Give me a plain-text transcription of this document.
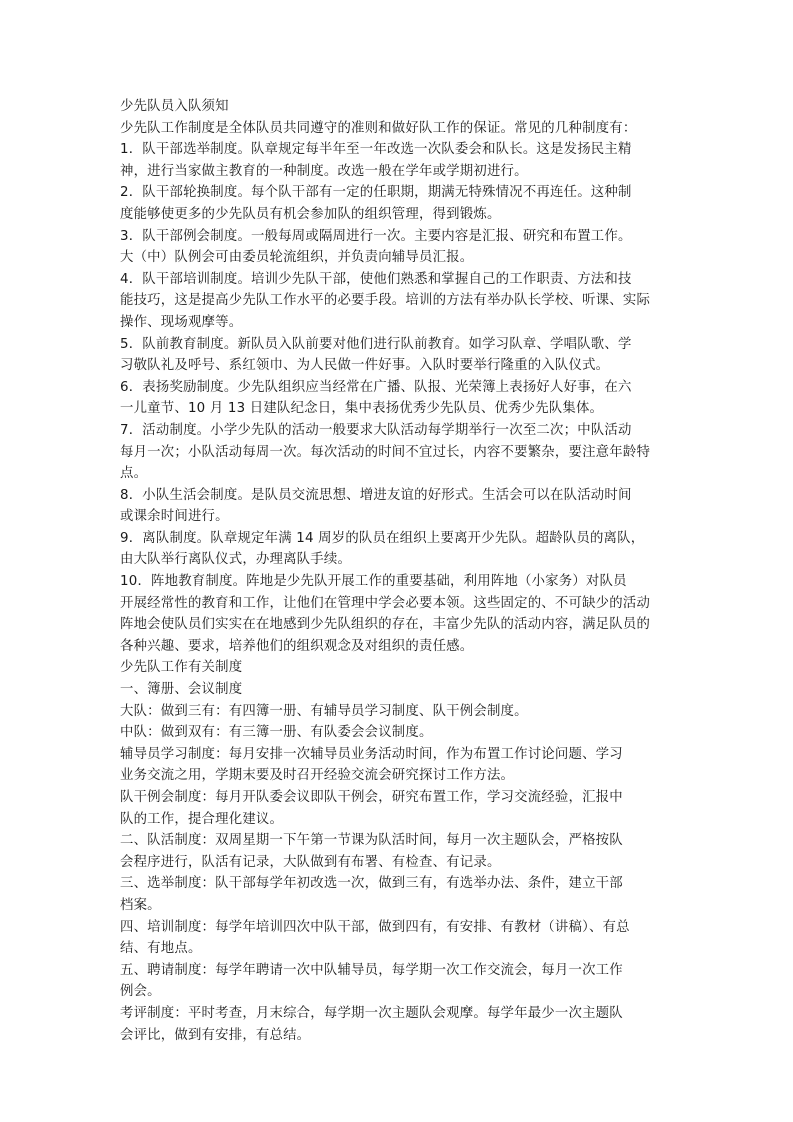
少先队员入队须知
少先队工作制度是全体队员共同遵守的准则和做好队工作的保证。常见的几种制度有：
1．队干部选举制度。队章规定每半年至一年改选一次队委会和队长。这是发扬民主精
神，进行当家做主教育的一种制度。改选一般在学年或学期初进行。
2．队干部轮换制度。每个队干部有一定的任职期，期满无特殊情况不再连任。这种制
度能够使更多的少先队员有机会参加队的组织管理，得到锻炼。
3．队干部例会制度。一般每周或隔周进行一次。主要内容是汇报、研究和布置工作。
大（中）队例会可由委员轮流组织，并负责向辅导员汇报。
4．队干部培训制度。培训少先队干部，使他们熟悉和掌握自己的工作职责、方法和技
能技巧，这是提高少先队工作水平的必要手段。培训的方法有举办队长学校、听课、实际
操作、现场观摩等。
5．队前教育制度。新队员入队前要对他们进行队前教育。如学习队章、学唱队歌、学
习敬队礼及呼号、系红领巾、为人民做一件好事。入队时要举行隆重的入队仪式。
6．表扬奖励制度。少先队组织应当经常在广播、队报、光荣簿上表扬好人好事，在六
一儿童节、10 月 13 日建队纪念日，集中表扬优秀少先队员、优秀少先队集体。
7．活动制度。小学少先队的活动一般要求大队活动每学期举行一次至二次；中队活动
每月一次；小队活动每周一次。每次活动的时间不宜过长，内容不要繁杂，要注意年龄特
点。
8．小队生活会制度。是队员交流思想、增进友谊的好形式。生活会可以在队活动时间
或课余时间进行。
9．离队制度。队章规定年满 14 周岁的队员在组织上要离开少先队。超龄队员的离队，
由大队举行离队仪式，办理离队手续。
10．阵地教育制度。阵地是少先队开展工作的重要基础，利用阵地（小家务）对队员
开展经常性的教育和工作，让他们在管理中学会必要本领。这些固定的、不可缺少的活动
阵地会使队员们实实在在地感到少先队组织的存在，丰富少先队的活动内容，满足队员的
各种兴趣、要求，培养他们的组织观念及对组织的责任感。
少先队工作有关制度
一、簿册、会议制度
大队：做到三有：有四簿一册、有辅导员学习制度、队干例会制度。
中队：做到双有：有三簿一册、有队委会会议制度。
辅导员学习制度：每月安排一次辅导员业务活动时间，作为布置工作讨论问题、学习
业务交流之用，学期末要及时召开经验交流会研究探讨工作方法。
队干例会制度：每月开队委会议即队干例会，研究布置工作，学习交流经验，汇报中
队的工作，提合理化建议。
二、队活制度：双周星期一下午第一节课为队活时间，每月一次主题队会，严格按队
会程序进行，队活有记录，大队做到有布署、有检查、有记录。
三、选举制度：队干部每学年初改选一次，做到三有，有选举办法、条件，建立干部
档案。
四、培训制度：每学年培训四次中队干部，做到四有，有安排、有教材（讲稿）、有总
结、有地点。
五、聘请制度：每学年聘请一次中队辅导员，每学期一次工作交流会，每月一次工作
例会。
考评制度：平时考查，月末综合，每学期一次主题队会观摩。每学年最少一次主题队
会评比，做到有安排，有总结。
